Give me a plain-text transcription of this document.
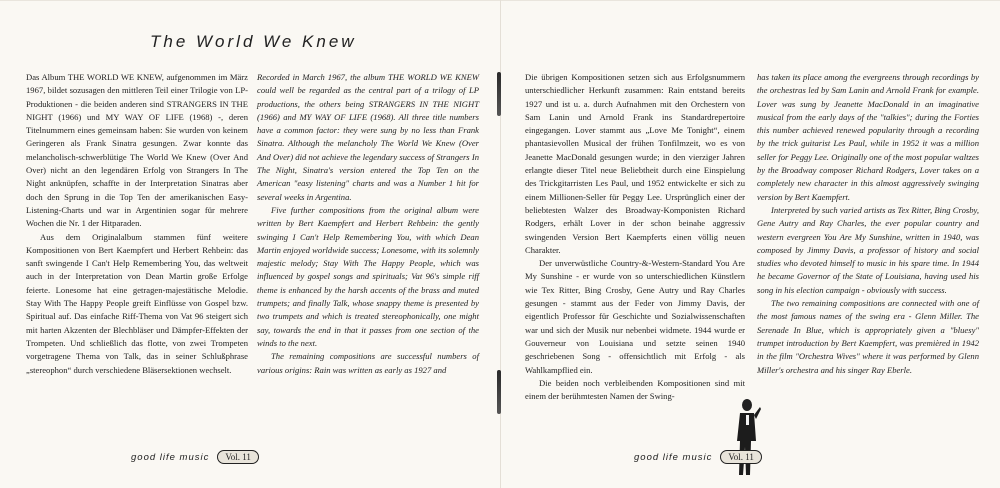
The World We Knew

Das Album THE WORLD WE KNEW, aufgenommen im März 1967, bildet sozusagen den mittleren Teil einer Trilogie von LP-Produktionen - die beiden anderen sind STRANGERS IN THE NIGHT (1966) und MY WAY OF LIFE (1968) -, deren Titelnummern eines gemeinsam haben: Sie wurden von keinem Geringeren als Frank Sinatra gesungen. Zwar konnte das melancholisch-schwerblütige The World We Knew (Over And Over) nicht an den legendären Erfolg von Strangers In The Night anknüpfen, schaffte in der Interpretation Sinatras aber doch den Sprung in die Top Ten der amerikanischen Easy-Listening-Charts und war in Argentinien sogar für mehrere Wochen die Nr. 1 der Hitparaden.

Aus dem Originalalbum stammen fünf weitere Kompositionen von Bert Kaempfert und Herbert Rehbein: das sanft swingende I Can't Help Remembering You, das weltweit auch in der Interpretation von Dean Martin große Erfolge feierte. Lonesome hat eine getragen-majestätische Melodie. Stay With The Happy People greift Einflüsse von Gospel bzw. Spiritual auf. Das einfache Riff-Thema von Vat 96 steigert sich mit harten Akzenten der Blechbläser und Dämpfer-Effekten der Trompeten. Und schließlich das flotte, von zwei Trompeten vorgetragene Thema von Talk, das in seiner Schlußphrase „stereophon“ durch verschiedene Bläsersektionen wechselt.

Recorded in March 1967, the album THE WORLD WE KNEW could well be regarded as the central part of a trilogy of LP productions, the others being STRANGERS IN THE NIGHT (1966) and MY WAY OF LIFE (1968). All three title numbers have a common factor: they were sung by no less than Frank Sinatra. Although the melancholy The World We Knew (Over And Over) did not achieve the legendary success of Strangers In The Night, Sinatra's version entered the Top Ten on the American "easy listening" charts and was a Number 1 hit for several weeks in Argentina.

Five further compositions from the original album were written by Bert Kaempfert and Herbert Rehbein: the gently swinging I Can't Help Remembering You, with which Dean Martin enjoyed worldwide success; Lonesome, with its solemnly majestic melody; Stay With The Happy People, which was influenced by gospel songs and spirituals; Vat 96's simple riff theme is enhanced by the harsh accents of the brass and muted trumpets; and finally Talk, whose snappy theme is presented by two trumpets and which is treated stereophonically, one might say, towards the end in that it passes from one section of the winds to the next.

The remaining compositions are successful numbers of various origins: Rain was written as early as 1927 and

good life music	Vol. 11

Die übrigen Kompositionen setzen sich aus Erfolgsnummern unterschiedlicher Herkunft zusammen: Rain entstand bereits 1927 und ist u. a. durch Aufnahmen mit den Orchestern von Sam Lanin und Arnold Frank ins Standardrepertoire eingegangen. Lover stammt aus „Love Me Tonight“, einem phantasievollen Musical der frühen Tonfilmzeit, wo es von Jeanette MacDonald gesungen wurde; in den vierziger Jahren erlangte dieser Titel neue Beliebtheit durch eine Einspielung des Trickgitarristen Les Paul, und 1952 entwickelte er sich zu einem Millionen-Seller für Peggy Lee. Ursprünglich einer der beliebtesten Walzer des Broadway-Komponisten Richard Rodgers, erhält Lover in der schon beinahe aggressiv swingenden Version Bert Kaempferts einen völlig neuen Charakter.

Der unverwüstliche Country-&-Western-Standard You Are My Sunshine - er wurde von so unterschiedlichen Künstlern wie Tex Ritter, Bing Crosby, Gene Autry und Ray Charles gesungen - stammt aus der Feder von Jimmy Davis, der eigentlich Professor für Geschichte und Sozialwissenschaften war und sich der Musik nur nebenbei widmete. 1944 wurde er Gouverneur von Louisiana und setzte seinen 1940 geschriebenen Song - offensichtlich mit Erfolg - als Wahlkampflied ein.

Die beiden noch verbleibenden Kompositionen sind mit einem der berühmtesten Namen der Swing-

has taken its place among the evergreens through recordings by the orchestras led by Sam Lanin and Arnold Frank for example. Lover was sung by Jeanette MacDonald in an imaginative musical from the early days of the "talkies"; during the Forties this number achieved renewed popularity through a recording by the trick guitarist Les Paul, while in 1952 it was a million seller for Peggy Lee. Originally one of the most popular waltzes by the Broadway composer Richard Rodgers, Lover takes on a completely new character in this almost aggressively swinging version by Bert Kaempfert.

Interpreted by such varied artists as Tex Ritter, Bing Crosby, Gene Autry and Ray Charles, the ever popular country and western evergreen You Are My Sunshine, written in 1940, was composed by Jimmy Davis, a professor of history and social studies who devoted himself to music in his spare time. In 1944 he became Governor of the State of Louisiana, having used his song in his election campaign - obviously with success.

The two remaining compositions are connected with one of the most famous names of the swing era - Glenn Miller. The Serenade In Blue, which is appropriately given a "bluesy" trumpet introduction by Bert Kaempfert, was premièred in 1942 in the film "Orchestra Wives" where it was performed by Glenn Miller's orchestra and his singer Ray Eberle.

good life music	Vol. 11
